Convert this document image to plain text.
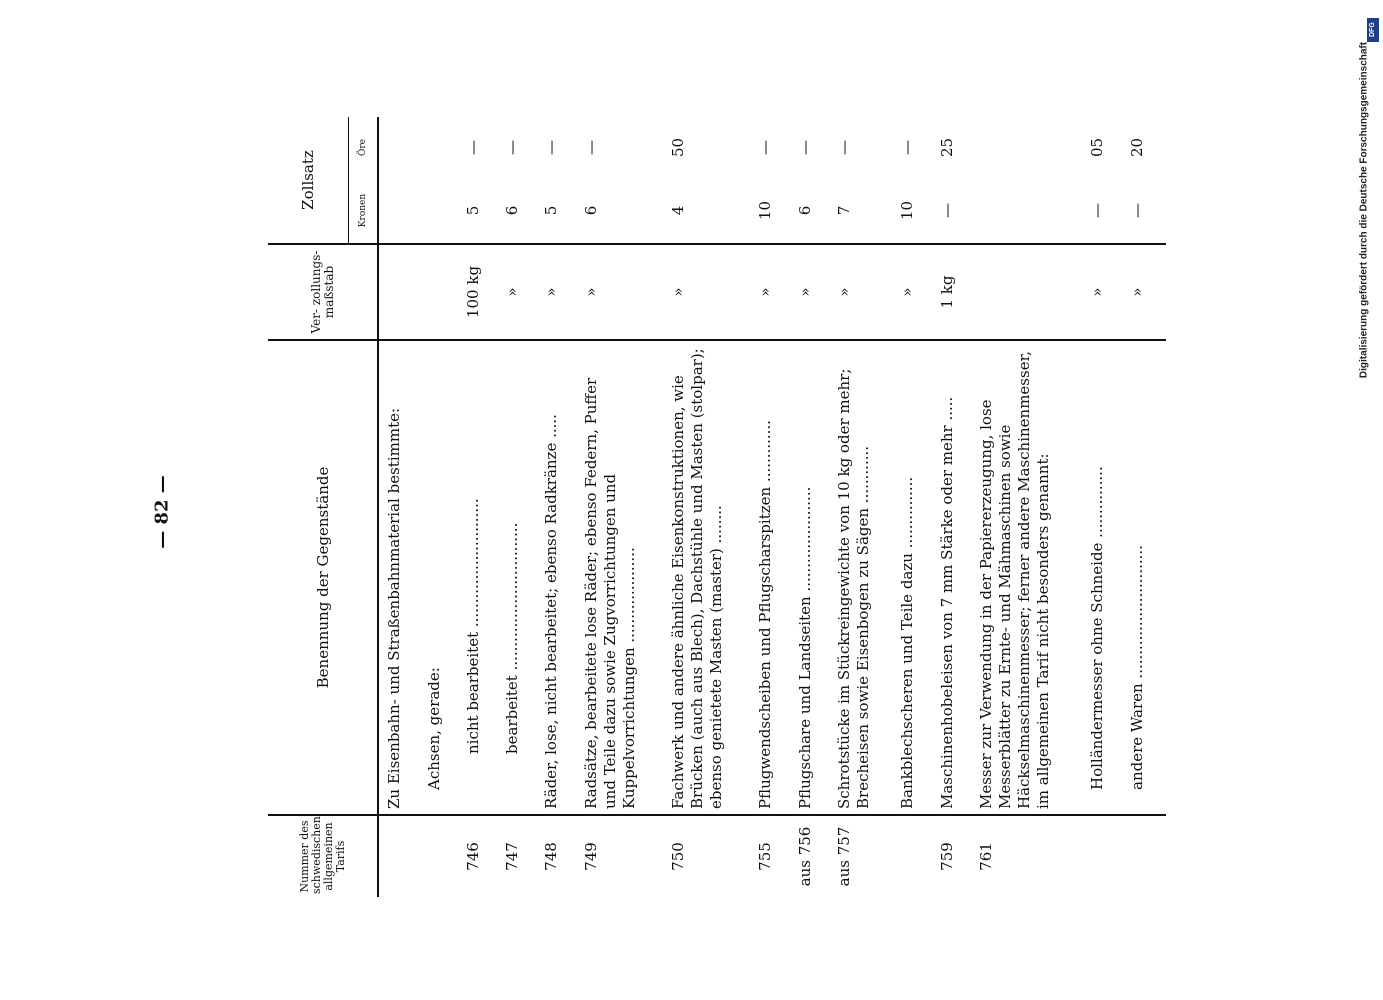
— 82 —
DFG
Digitalisierung gefördert durch die Deutsche Forschungsgemeinschaft
Nummer des schwedischen allgemeinen Tarifs	Benennung der Gegenstände	Ver- zollungs- maßstab	Zollsatz	
			Kronen	Öre
	Zu Eisenbahn- und Straßenbahnmaterial bestimmte:			
	Achsen, gerade:			
746	nicht bearbeitet ...........................	100 kg	5	—
747	bearbeitet ...............................	»	6	—
748	Räder, lose, nicht bearbeitet; ebenso Radkränze .....	»	5	—
749	Radsätze, bearbeitete lose Räder; ebenso Federn, Puffer und Teile dazu sowie Zugvorrichtungen und Kuppelvorrichtungen ....................	»	6	—
750	Fachwerk und andere ähnliche Eisenkonstruktionen, wie Brücken (auch aus Blech), Dachstühle und Masten (stolpar); ebenso genietete Masten (master) ........	»	4	50
755	Pflugwendscheiben und Pflugscharspitzen .............	»	10	—
aus 756	Pflugschare und Landseiten ......................	»	6	—
aus 757	Schrotstücke im Stückreingewichte von 10 kg oder mehr; Brecheisen sowie Eisenbogen zu Sägen ............	»	7	—
	Bankblechscheren und Teile dazu ...............	»	10	—
759	Maschinenhobeleisen von 7 mm Stärke oder mehr .....	1 kg	—	25
761	Messer zur Verwendung in der Papiererzeugung, lose Messerblätter zu Ernte- und Mähmaschinen sowie Häckselmaschinenmesser; ferner andere Maschinenmesser, im allgemeinen Tarif nicht besonders genannt:			
	Holländermesser ohne Schneide ...............	»	—	05
	andere Waren ............................	»	—	20
